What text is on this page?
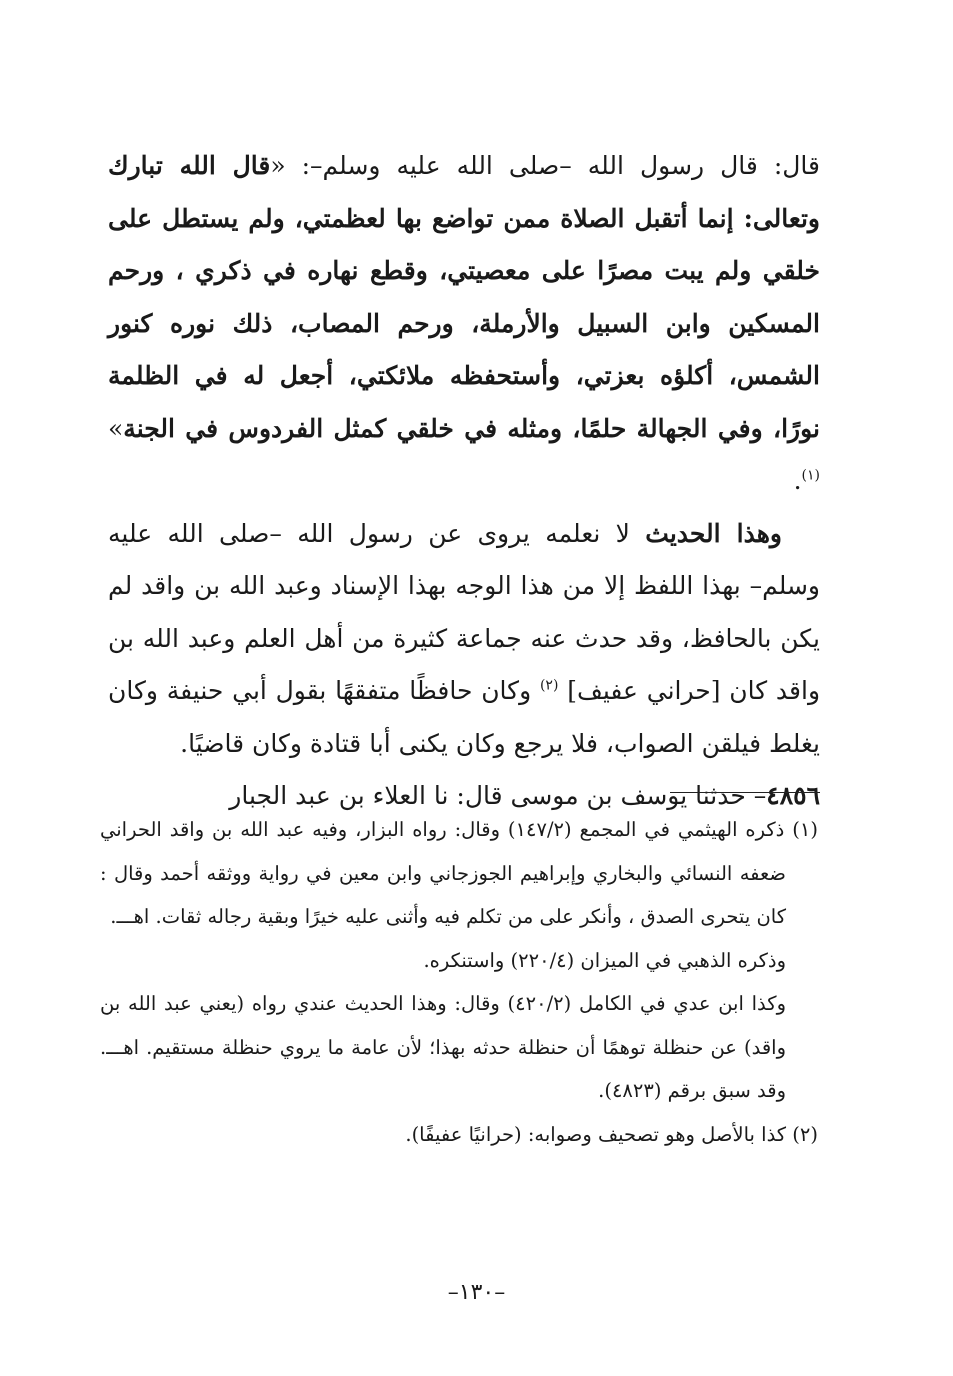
قال: قال رسول الله –صلى الله عليه وسلم–: «قال الله تبارك وتعالى: إنما أتقبل الصلاة ممن تواضع بها لعظمتي، ولم يستطل على خلقي ولم يبت مصرًا على معصيتي، وقطع نهاره في ذكري ، ورحم المسكين وابن السبيل والأرملة، ورحم المصاب، ذلك نوره كنور الشمس، أكلؤه بعزتي، وأستحفظه ملائكتي، أجعل له في الظلمة نورًا، وفي الجهالة حلمًا، ومثله في خلقي كمثل الفردوس في الجنة» $^{(١)}$.

وهذا الحديث لا نعلمه يروى عن رسول الله –صلى الله عليه وسلم– بهذا اللفظ إلا من هذا الوجه بهذا الإسناد وعبد الله بن واقد لم يكن بالحافظ، وقد حدث عنه جماعة كثيرة من أهل العلم وعبد الله بن واقد كان [حراني عفيف] $^{(٢)}$ وكان حافظًا متفقهًا بقول أبي حنيفة وكان يغلط فيلقن الصواب، فلا يرجع وكان يكنى أبا قتادة وكان قاضيًا.

٤٨٥٦– حدثنا يوسف بن موسى قال: نا العلاء بن عبد الجبار

(١) ذكره الهيثمي في المجمع (١٤٧/٢) وقال: رواه البزار، وفيه عبد الله بن واقد الحراني ضعفه النسائي والبخاري وإبراهيم الجوزجاني وابن معين في رواية ووثقه أحمد وقال : كان يتحرى الصدق ، وأنكر على من تكلم فيه وأثنى عليه خيرًا وبقية رجاله ثقات. اهـــ.

وذكره الذهبي في الميزان (٢٢٠/٤) واستنكره.

وكذا ابن عدي في الكامل (٤٢٠/٢) وقال: وهذا الحديث عندي رواه (يعني عبد الله بن واقد) عن حنظلة توهمًا أن حنظلة حدثه بهذا؛ لأن عامة ما يروي حنظلة مستقيم. اهـــ. وقد سبق برقم (٤٨٢٣).

(٢) كذا بالأصل وهو تصحيف وصوابه: (حرانيًا عفيفًا).

–١٣٠–
